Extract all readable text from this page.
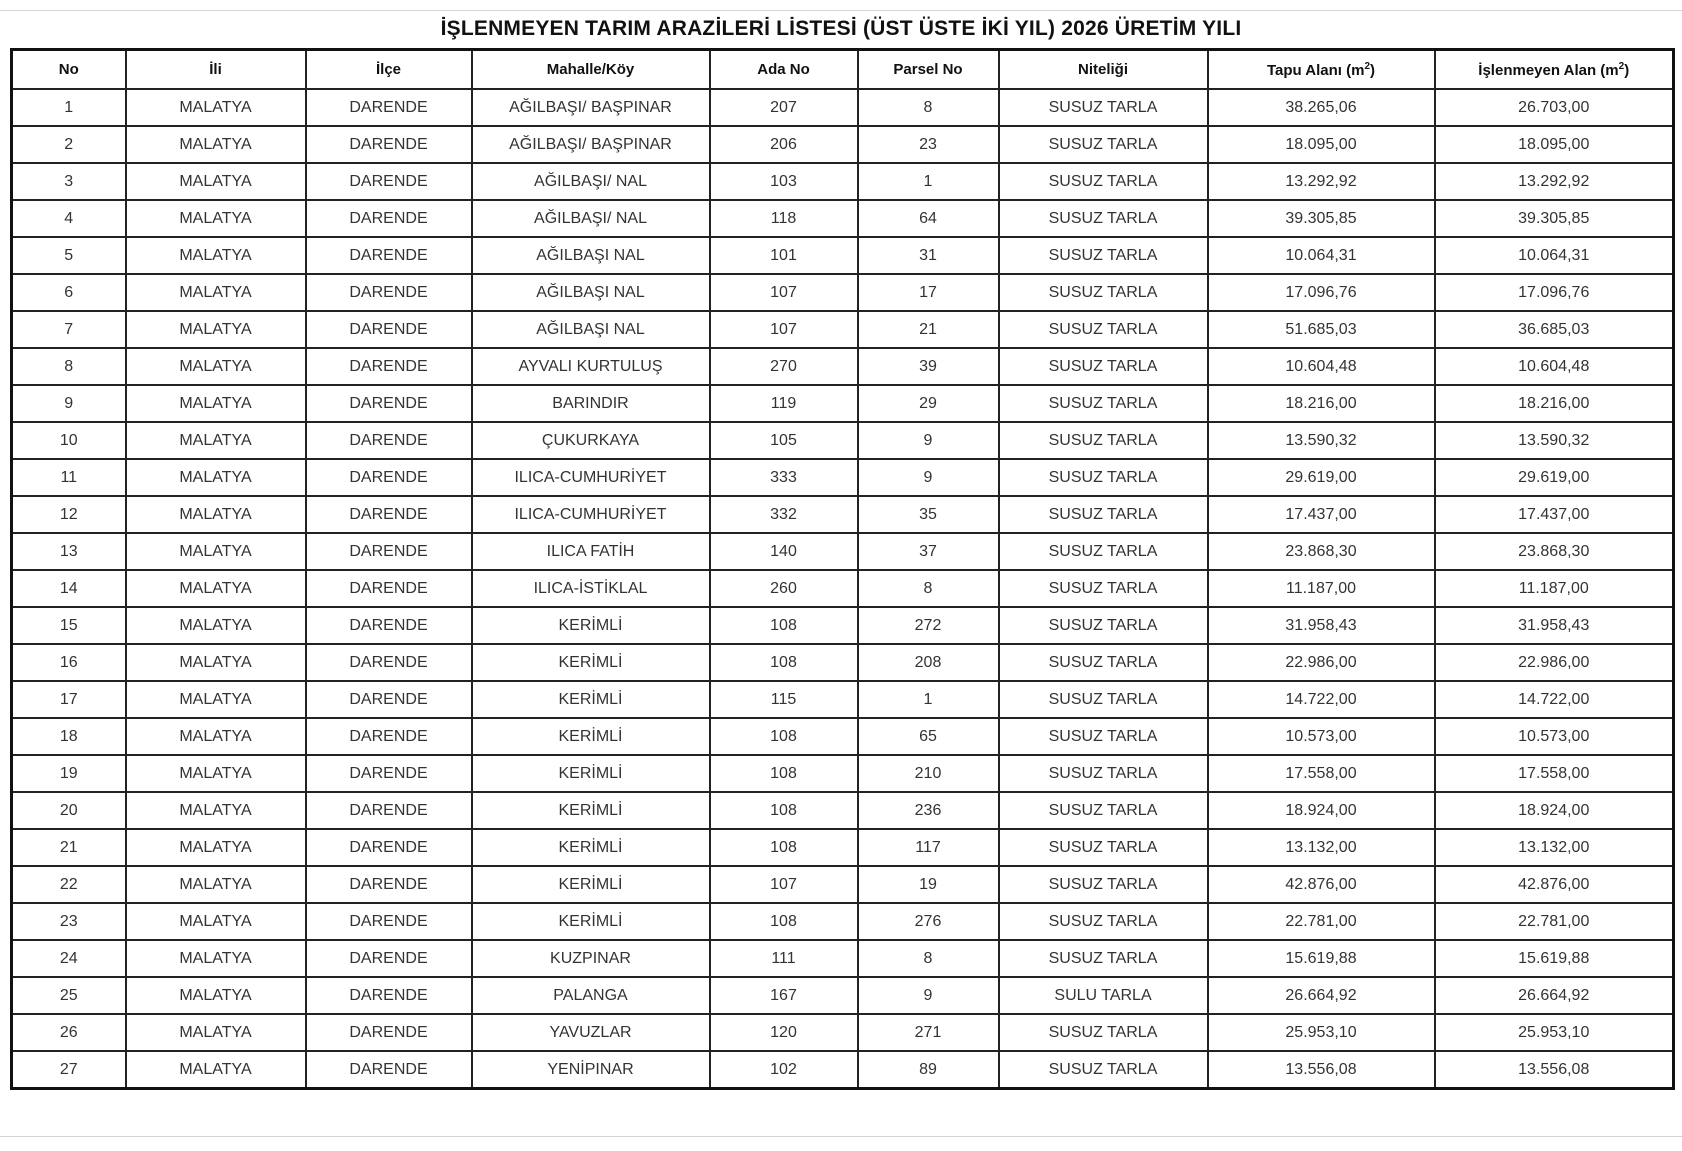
İŞLENMEYEN TARIM ARAZİLERİ LİSTESİ (ÜST ÜSTE İKİ YIL) 2026 ÜRETİM YILI
No	İli	İlçe	Mahalle/Köy	Ada No	Parsel No	Niteliği	Tapu Alanı $(m^2)$	İşlenmeyen Alan $(m^2)$
1	MALATYA	DARENDE	AĞILBAŞI/ BAŞPINAR	207	8	SUSUZ TARLA	38.265,06	26.703,00
2	MALATYA	DARENDE	AĞILBAŞI/ BAŞPINAR	206	23	SUSUZ TARLA	18.095,00	18.095,00
3	MALATYA	DARENDE	AĞILBAŞI/ NAL	103	1	SUSUZ TARLA	13.292,92	13.292,92
4	MALATYA	DARENDE	AĞILBAŞI/ NAL	118	64	SUSUZ TARLA	39.305,85	39.305,85
5	MALATYA	DARENDE	AĞILBAŞI NAL	101	31	SUSUZ TARLA	10.064,31	10.064,31
6	MALATYA	DARENDE	AĞILBAŞI NAL	107	17	SUSUZ TARLA	17.096,76	17.096,76
7	MALATYA	DARENDE	AĞILBAŞI NAL	107	21	SUSUZ TARLA	51.685,03	36.685,03
8	MALATYA	DARENDE	AYVALI KURTULUŞ	270	39	SUSUZ TARLA	10.604,48	10.604,48
9	MALATYA	DARENDE	BARINDIR	119	29	SUSUZ TARLA	18.216,00	18.216,00
10	MALATYA	DARENDE	ÇUKURKAYA	105	9	SUSUZ TARLA	13.590,32	13.590,32
11	MALATYA	DARENDE	ILICA-CUMHURİYET	333	9	SUSUZ TARLA	29.619,00	29.619,00
12	MALATYA	DARENDE	ILICA-CUMHURİYET	332	35	SUSUZ TARLA	17.437,00	17.437,00
13	MALATYA	DARENDE	ILICA FATİH	140	37	SUSUZ TARLA	23.868,30	23.868,30
14	MALATYA	DARENDE	ILICA-İSTİKLAL	260	8	SUSUZ TARLA	11.187,00	11.187,00
15	MALATYA	DARENDE	KERİMLİ	108	272	SUSUZ TARLA	31.958,43	31.958,43
16	MALATYA	DARENDE	KERİMLİ	108	208	SUSUZ TARLA	22.986,00	22.986,00
17	MALATYA	DARENDE	KERİMLİ	115	1	SUSUZ TARLA	14.722,00	14.722,00
18	MALATYA	DARENDE	KERİMLİ	108	65	SUSUZ TARLA	10.573,00	10.573,00
19	MALATYA	DARENDE	KERİMLİ	108	210	SUSUZ TARLA	17.558,00	17.558,00
20	MALATYA	DARENDE	KERİMLİ	108	236	SUSUZ TARLA	18.924,00	18.924,00
21	MALATYA	DARENDE	KERİMLİ	108	117	SUSUZ TARLA	13.132,00	13.132,00
22	MALATYA	DARENDE	KERİMLİ	107	19	SUSUZ TARLA	42.876,00	42.876,00
23	MALATYA	DARENDE	KERİMLİ	108	276	SUSUZ TARLA	22.781,00	22.781,00
24	MALATYA	DARENDE	KUZPINAR	111	8	SUSUZ TARLA	15.619,88	15.619,88
25	MALATYA	DARENDE	PALANGA	167	9	SULU TARLA	26.664,92	26.664,92
26	MALATYA	DARENDE	YAVUZLAR	120	271	SUSUZ TARLA	25.953,10	25.953,10
27	MALATYA	DARENDE	YENİPINAR	102	89	SUSUZ TARLA	13.556,08	13.556,08
